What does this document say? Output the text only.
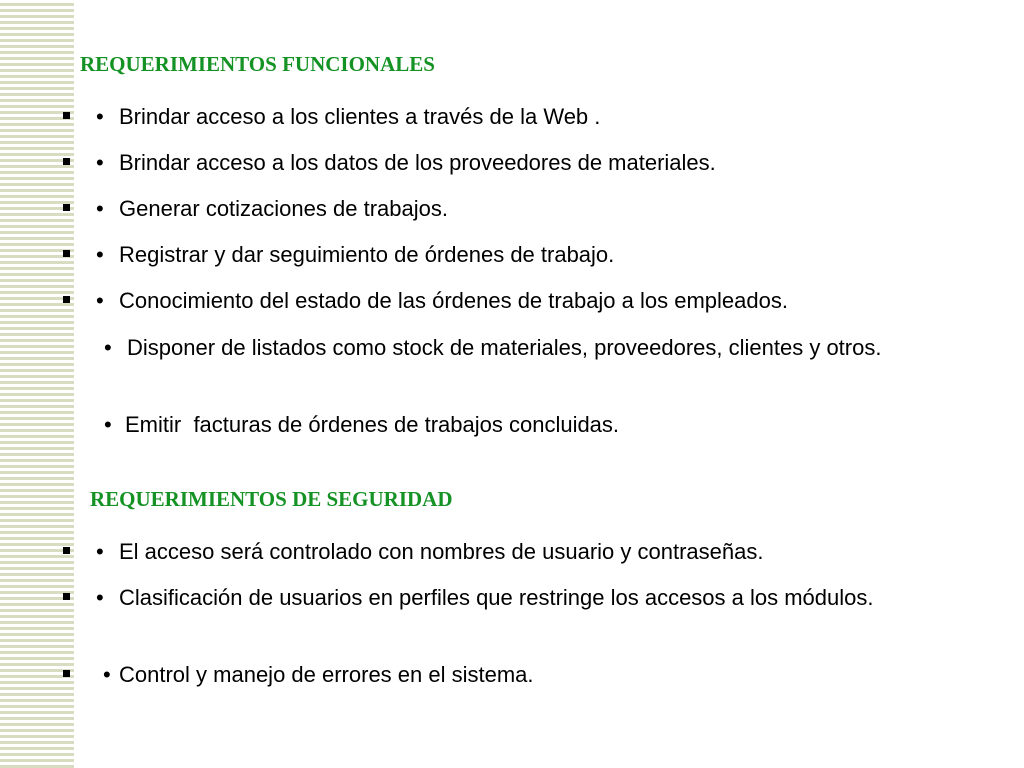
REQUERIMIENTOS FUNCIONALES
• Brindar acceso a los clientes a través de la Web .
• Brindar acceso a los datos de los proveedores de materiales.
• Generar cotizaciones de trabajos.
• Registrar y dar seguimiento de órdenes de trabajo.
• Conocimiento del estado de las órdenes de trabajo a los empleados.
• Disponer de listados como stock de materiales, proveedores, clientes y otros.
• Emitir  facturas de órdenes de trabajos concluidas.
REQUERIMIENTOS DE SEGURIDAD
• El acceso será controlado con nombres de usuario y contraseñas.
• Clasificación de usuarios en perfiles que restringe los accesos a los módulos.
• Control y manejo de errores en el sistema.
